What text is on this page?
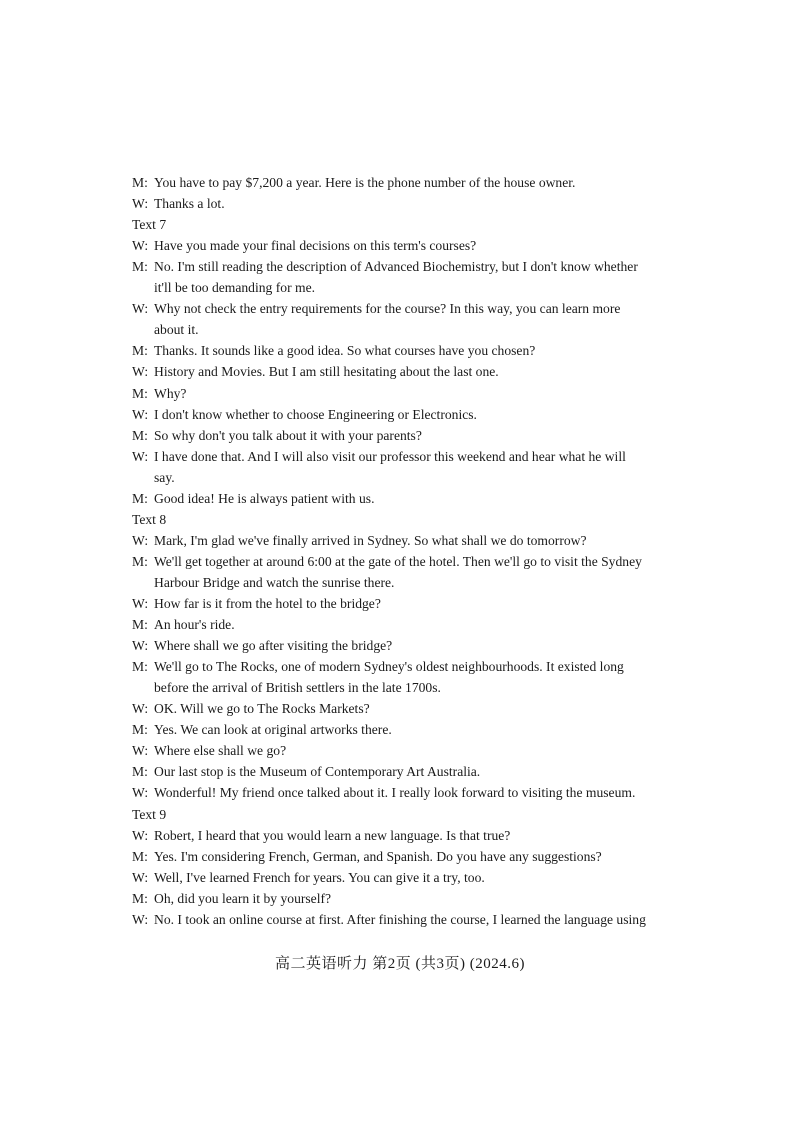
M: You have to pay $7,200 a year. Here is the phone number of the house owner.
W: Thanks a lot.
Text 7
W: Have you made your final decisions on this term's courses?
M: No. I'm still reading the description of Advanced Biochemistry, but I don't know whether
it'll be too demanding for me.
W: Why not check the entry requirements for the course? In this way, you can learn more
about it.
M: Thanks. It sounds like a good idea. So what courses have you chosen?
W: History and Movies. But I am still hesitating about the last one.
M: Why?
W: I don't know whether to choose Engineering or Electronics.
M: So why don't you talk about it with your parents?
W: I have done that. And I will also visit our professor this weekend and hear what he will
say.
M: Good idea! He is always patient with us.
Text 8
W: Mark, I'm glad we've finally arrived in Sydney. So what shall we do tomorrow?
M: We'll get together at around 6:00 at the gate of the hotel. Then we'll go to visit the Sydney
Harbour Bridge and watch the sunrise there.
W: How far is it from the hotel to the bridge?
M: An hour's ride.
W: Where shall we go after visiting the bridge?
M: We'll go to The Rocks, one of modern Sydney's oldest neighbourhoods. It existed long
before the arrival of British settlers in the late 1700s.
W: OK. Will we go to The Rocks Markets?
M: Yes. We can look at original artworks there.
W: Where else shall we go?
M: Our last stop is the Museum of Contemporary Art Australia.
W: Wonderful! My friend once talked about it. I really look forward to visiting the museum.
Text 9
W: Robert, I heard that you would learn a new language. Is that true?
M: Yes. I'm considering French, German, and Spanish. Do you have any suggestions?
W: Well, I've learned French for years. You can give it a try, too.
M: Oh, did you learn it by yourself?
W: No. I took an online course at first. After finishing the course, I learned the language using
高二英语听力 第2页 (共3页) (2024.6)
